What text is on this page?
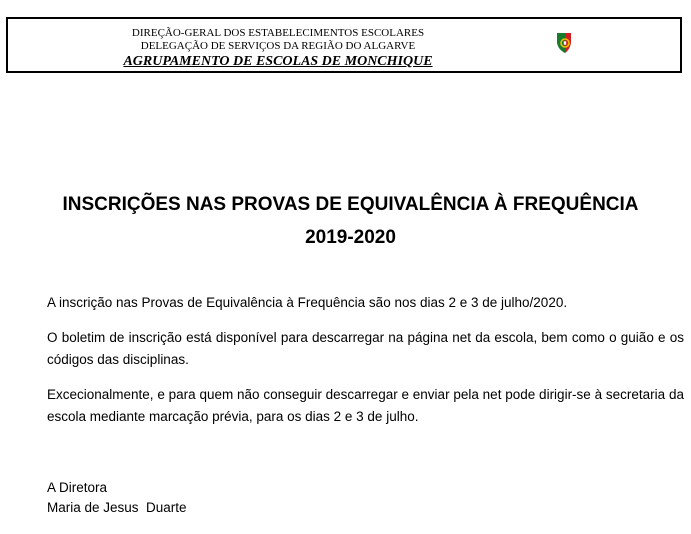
DIREÇÃO-GERAL DOS ESTABELECIMENTOS ESCOLARES
DELEGAÇÃO DE SERVIÇOS DA REGIÃO DO ALGARVE
AGRUPAMENTO DE ESCOLAS DE MONCHIQUE
INSCRIÇÕES NAS PROVAS DE EQUIVALÊNCIA À FREQUÊNCIA
2019-2020
A inscrição nas Provas de Equivalência à Frequência são nos dias 2 e 3 de julho/2020.
O boletim de inscrição está disponível para descarregar na página net da escola, bem como o guião e os códigos das disciplinas.
Excecionalmente, e para quem não conseguir descarregar e enviar pela net pode dirigir-se à secretaria da escola mediante marcação prévia, para os dias 2 e 3 de julho.
A Diretora
Maria de Jesus  Duarte
